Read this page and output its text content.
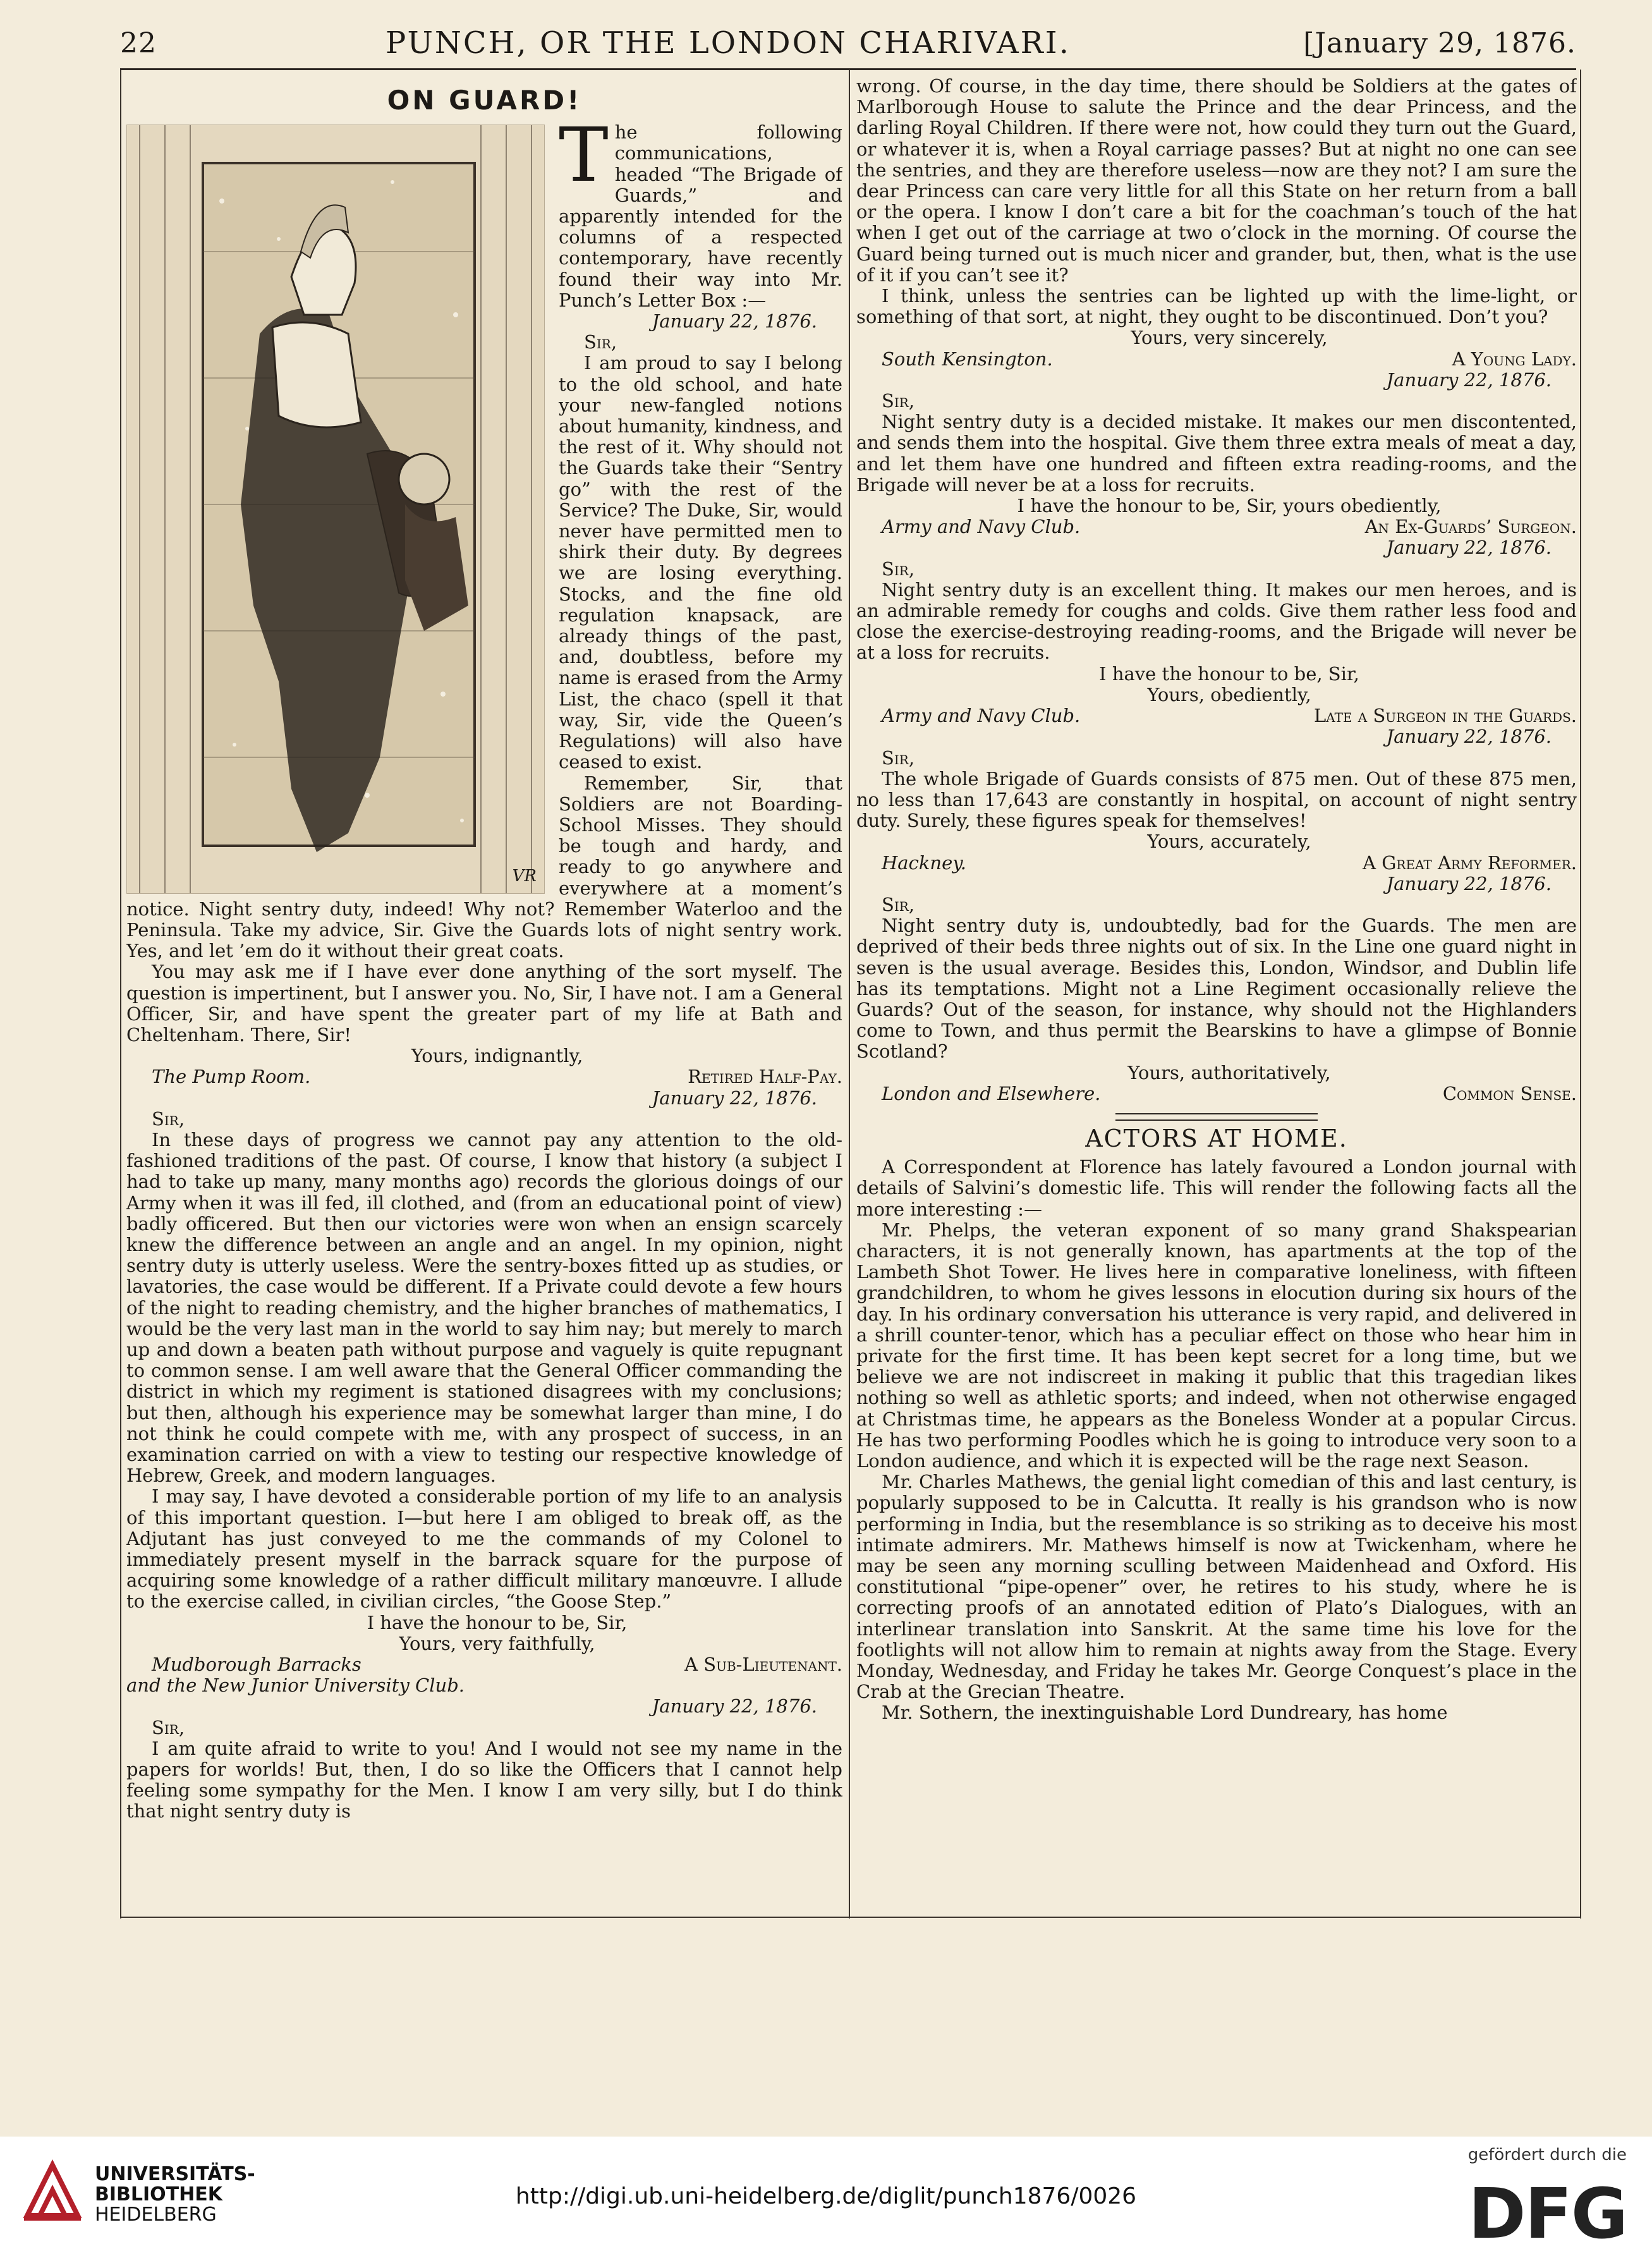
22	PUNCH, OR THE LONDON CHARIVARI.	[January 29, 1876.
ON GUARD!
VR

The following communications, headed “The Brigade of Guards,” and apparently intended for the columns of a respected contemporary, have recently found their way into Mr. Punch’s Letter Box :—

January 22, 1876.

Sir,

I am proud to say I belong to the old school, and hate your new-fangled notions about humanity, kindness, and the rest of it. Why should not the Guards take their “Sentry go” with the rest of the Service? The Duke, Sir, would never have permitted men to shirk their duty. By degrees we are losing everything. Stocks, and the fine old regulation knapsack, are already things of the past, and, doubtless, before my name is erased from the Army List, the chaco (spell it that way, Sir, vide the Queen’s Regulations) will also have ceased to exist.

Remember, Sir, that Soldiers are not Boarding-School Misses. They should be tough and hardy, and ready to go anywhere and everywhere at a moment’s notice. Night sentry duty, indeed! Why not? Remember Waterloo and the Peninsula. Take my advice, Sir. Give the Guards lots of night sentry work. Yes, and let ’em do it without their great coats.

You may ask me if I have ever done anything of the sort myself. The question is impertinent, but I answer you. No, Sir, I have not. I am a General Officer, Sir, and have spent the greater part of my life at Bath and Cheltenham. There, Sir!

Yours, indignantly,

The Pump Room.	Retired Half-Pay.

January 22, 1876.

Sir,

In these days of progress we cannot pay any attention to the old-fashioned traditions of the past. Of course, I know that history (a subject I had to take up many, many months ago) records the glorious doings of our Army when it was ill fed, ill clothed, and (from an educational point of view) badly officered. But then our victories were won when an ensign scarcely knew the difference between an angle and an angel. In my opinion, night sentry duty is utterly useless. Were the sentry-boxes fitted up as studies, or lavatories, the case would be different. If a Private could devote a few hours of the night to reading chemistry, and the higher branches of mathematics, I would be the very last man in the world to say him nay; but merely to march up and down a beaten path without purpose and vaguely is quite repugnant to common sense. I am well aware that the General Officer commanding the district in which my regiment is stationed disagrees with my conclusions; but then, although his experience may be somewhat larger than mine, I do not think he could compete with me, with any prospect of success, in an examination carried on with a view to testing our respective knowledge of Hebrew, Greek, and modern languages.

I may say, I have devoted a considerable portion of my life to an analysis of this important question. I—but here I am obliged to break off, as the Adjutant has just conveyed to me the commands of my Colonel to immediately present myself in the barrack square for the purpose of acquiring some knowledge of a rather difficult military manœuvre. I allude to the exercise called, in civilian circles, “the Goose Step.”

I have the honour to be, Sir,

Yours, very faithfully,

Mudborough Barracks	A Sub-Lieutenant.

and the New Junior University Club.

January 22, 1876.

Sir,

I am quite afraid to write to you! And I would not see my name in the papers for worlds! But, then, I do so like the Officers that I cannot help feeling some sympathy for the Men. I know I am very silly, but I do think that night sentry duty is

wrong. Of course, in the day time, there should be Soldiers at the gates of Marlborough House to salute the Prince and the dear Princess, and the darling Royal Children. If there were not, how could they turn out the Guard, or whatever it is, when a Royal carriage passes? But at night no one can see the sentries, and they are therefore useless—now are they not? I am sure the dear Princess can care very little for all this State on her return from a ball or the opera. I know I don’t care a bit for the coachman’s touch of the hat when I get out of the carriage at two o’clock in the morning. Of course the Guard being turned out is much nicer and grander, but, then, what is the use of it if you can’t see it?

I think, unless the sentries can be lighted up with the lime-light, or something of that sort, at night, they ought to be discontinued. Don’t you?

Yours, very sincerely,

South Kensington.	A Young Lady.

January 22, 1876.

Sir,

Night sentry duty is a decided mistake. It makes our men discontented, and sends them into the hospital. Give them three extra meals of meat a day, and let them have one hundred and fifteen extra reading-rooms, and the Brigade will never be at a loss for recruits.

I have the honour to be, Sir, yours obediently,

Army and Navy Club.	An Ex-Guards’ Surgeon.

January 22, 1876.

Sir,

Night sentry duty is an excellent thing. It makes our men heroes, and is an admirable remedy for coughs and colds. Give them rather less food and close the exercise-destroying reading-rooms, and the Brigade will never be at a loss for recruits.

I have the honour to be, Sir,

Yours, obediently,

Army and Navy Club.	Late a Surgeon in the Guards.

January 22, 1876.

Sir,

The whole Brigade of Guards consists of 875 men. Out of these 875 men, no less than 17,643 are constantly in hospital, on account of night sentry duty. Surely, these figures speak for themselves!

Yours, accurately,

Hackney.	A Great Army Reformer.

January 22, 1876.

Sir,

Night sentry duty is, undoubtedly, bad for the Guards. The men are deprived of their beds three nights out of six. In the Line one guard night in seven is the usual average. Besides this, London, Windsor, and Dublin life has its temptations. Might not a Line Regiment occasionally relieve the Guards? Out of the season, for instance, why should not the Highlanders come to Town, and thus permit the Bearskins to have a glimpse of Bonnie Scotland?

Yours, authoritatively,

London and Elsewhere.	Common Sense.

ACTORS AT HOME.

A Correspondent at Florence has lately favoured a London journal with details of Salvini’s domestic life. This will render the following facts all the more interesting :—

Mr. Phelps, the veteran exponent of so many grand Shakspearian characters, it is not generally known, has apartments at the top of the Lambeth Shot Tower. He lives here in comparative loneliness, with fifteen grandchildren, to whom he gives lessons in elocution during six hours of the day. In his ordinary conversation his utterance is very rapid, and delivered in a shrill counter-tenor, which has a peculiar effect on those who hear him in private for the first time. It has been kept secret for a long time, but we believe we are not indiscreet in making it public that this tragedian likes nothing so well as athletic sports; and indeed, when not otherwise engaged at Christmas time, he appears as the Boneless Wonder at a popular Circus. He has two performing Poodles which he is going to introduce very soon to a London audience, and which it is expected will be the rage next Season.

Mr. Charles Mathews, the genial light comedian of this and last century, is popularly supposed to be in Calcutta. It really is his grandson who is now performing in India, but the resemblance is so striking as to deceive his most intimate admirers. Mr. Mathews himself is now at Twickenham, where he may be seen any morning sculling between Maidenhead and Oxford. His constitutional “pipe-opener” over, he retires to his study, where he is correcting proofs of an annotated edition of Plato’s Dialogues, with an interlinear translation into Sanskrit. At the same time his love for the footlights will not allow him to remain at nights away from the Stage. Every Monday, Wednesday, and Friday he takes Mr. George Conquest’s place in the Crab at the Grecian Theatre.

Mr. Sothern, the inextinguishable Lord Dundreary, has home

UNIVERSITÄTS-
BIBLIOTHEK
HEIDELBERG
http://digi.ub.uni-heidelberg.de/diglit/punch1876/0026
gefördert durch die
DFG
